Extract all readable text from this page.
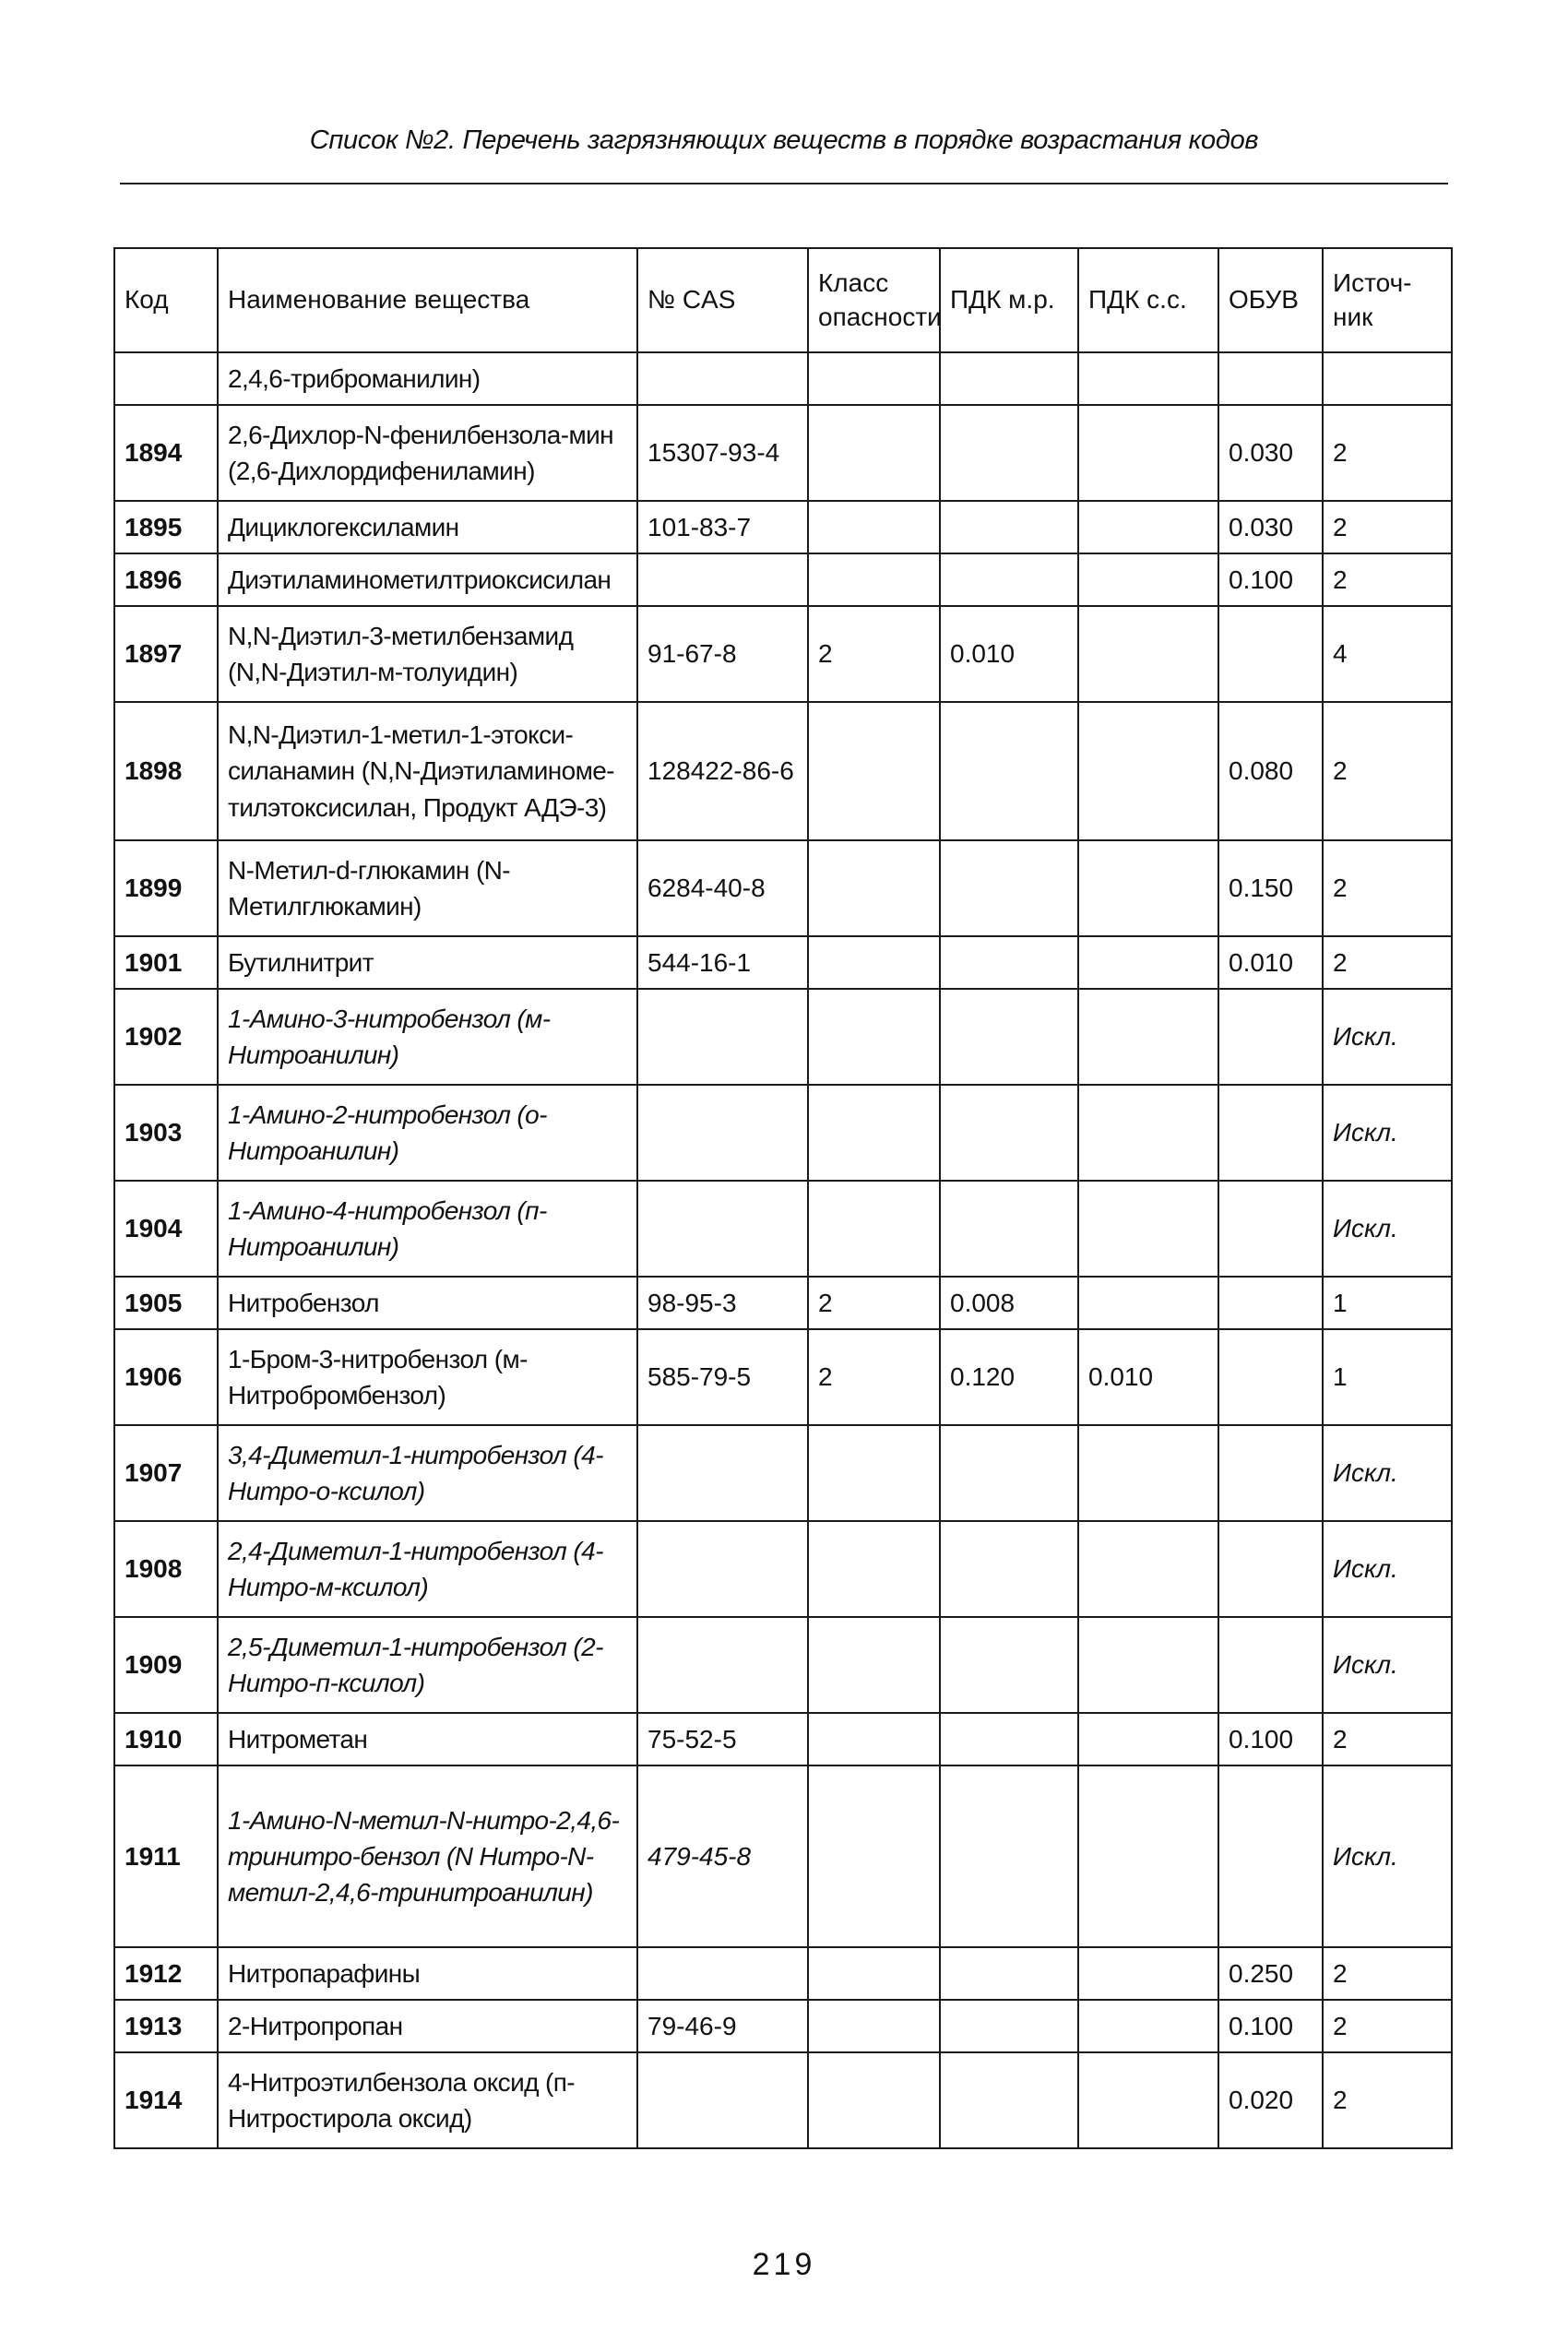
Список №2. Перечень загрязняющих веществ в порядке возрастания кодов
Код	Наименование вещества	№ CAS	Класс опасности	ПДК м.р.	ПДК с.с.	ОБУВ	Источ-ник
	2,4,6-триброманилин)						
1894	2,6-Дихлор-N-фенилбензола-мин (2,6-Дихлордифениламин)	15307-93-4				0.030	2
1895	Дициклогексиламин	101-83-7				0.030	2
1896	Диэтиламинометилтриоксисилан					0.100	2
1897	N,N-Диэтил-3-метилбензамид (N,N-Диэтил-м-толуидин)	91-67-8	2	0.010			4
1898	N,N-Диэтил-1-метил-1-этокси-силанамин (N,N-Диэтиламиноме-тилэтоксисилан, Продукт АДЭ-3)	128422-86-6				0.080	2
1899	N-Метил-d-глюкамин (N-Метилглюкамин)	6284-40-8				0.150	2
1901	Бутилнитрит	544-16-1				0.010	2
1902	1-Амино-3-нитробензол (м-Нитроанилин)						Искл.
1903	1-Амино-2-нитробензол (о-Нитроанилин)						Искл.
1904	1-Амино-4-нитробензол (п-Нитроанилин)						Искл.
1905	Нитробензол	98-95-3	2	0.008			1
1906	1-Бром-3-нитробензол (м-Нитробромбензол)	585-79-5	2	0.120	0.010		1
1907	3,4-Диметил-1-нитробензол (4-Нитро-о-ксилол)						Искл.
1908	2,4-Диметил-1-нитробензол (4-Нитро-м-ксилол)						Искл.
1909	2,5-Диметил-1-нитробензол (2-Нитро-п-ксилол)						Искл.
1910	Нитрометан	75-52-5				0.100	2
1911	1-Амино-N-метил-N-нитро-2,4,6-тринитро-бензол (N Нитро-N-метил-2,4,6-тринитроанилин)	479-45-8					Искл.
1912	Нитропарафины					0.250	2
1913	2-Нитропропан	79-46-9				0.100	2
1914	4-Нитроэтилбензола оксид (п-Нитростирола оксид)					0.020	2
219
